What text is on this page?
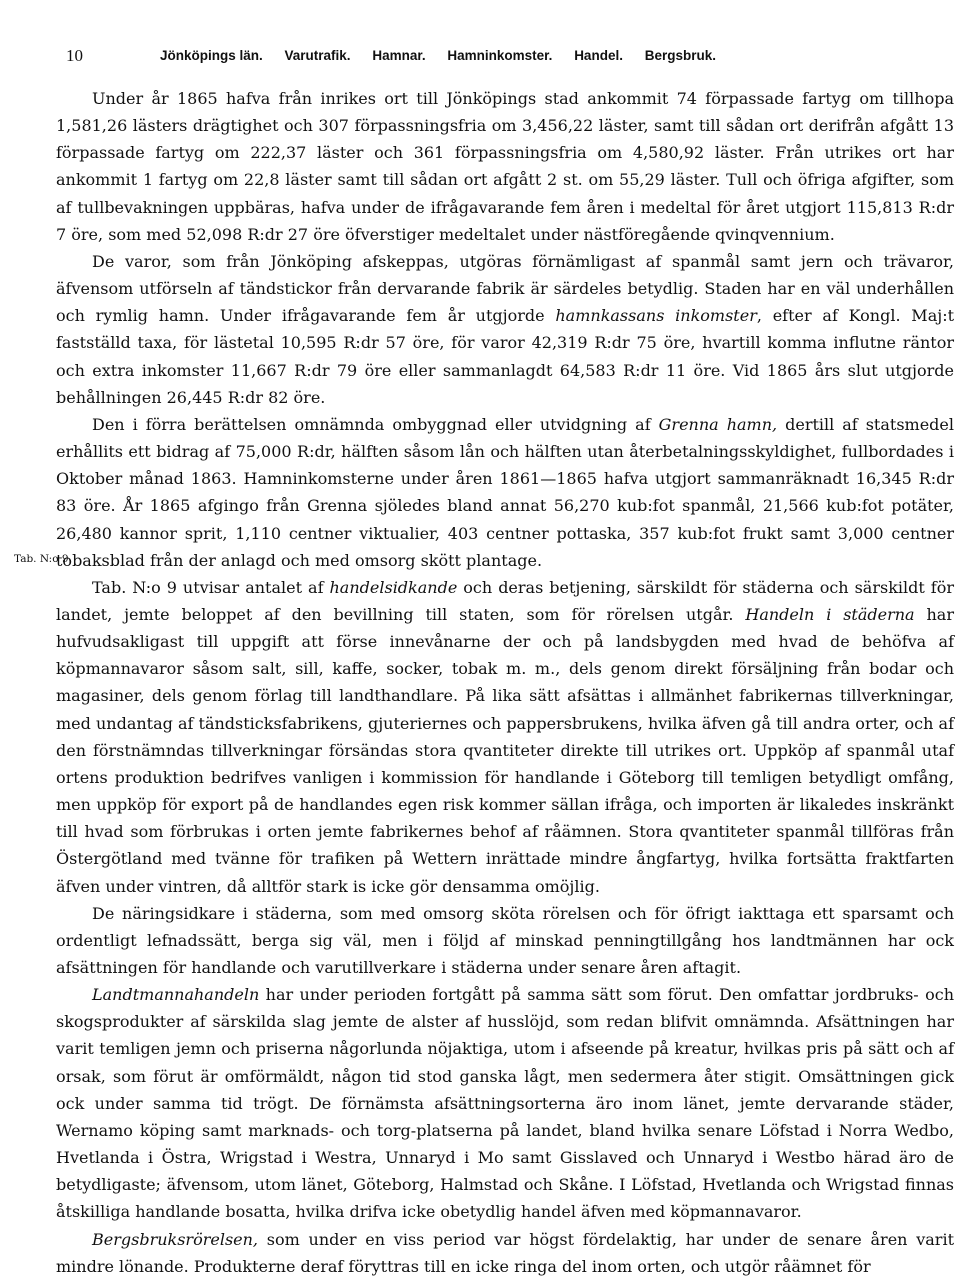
10	Jönköpings län. Varutrafik. Hamnar. Hamninkomster. Handel. Bergsbruk.
Tab. N:o 9.

Under år 1865 hafva från inrikes ort till Jönköpings stad ankommit 74 förpassade fartyg om tillhopa 1,581,26 lästers drägtighet och 307 förpassningsfria om 3,456,22 läster, samt till sådan ort derifrån afgått 13 förpassade fartyg om 222,37 läster och 361 förpassningsfria om 4,580,92 läster. Från utrikes ort har ankommit 1 fartyg om 22,8 läster samt till sådan ort afgått 2 st. om 55,29 läster. Tull och öfriga afgifter, som af tullbevakningen uppbäras, hafva under de ifrågavarande fem åren i medeltal för året utgjort 115,813 R:dr 7 öre, som med 52,098 R:dr 27 öre öfverstiger medeltalet under nästföregående qvinqvennium.

De varor, som från Jönköping afskeppas, utgöras förnämligast af spanmål samt jern och trävaror, äfvensom utförseln af tändstickor från dervarande fabrik är särdeles betydlig. Staden har en väl underhållen och rymlig hamn. Under ifrågavarande fem år utgjorde hamnkassans inkomster, efter af Kongl. Maj:t fastställd taxa, för lästetal 10,595 R:dr 57 öre, för varor 42,319 R:dr 75 öre, hvartill komma influtne räntor och extra inkomster 11,667 R:dr 79 öre eller sammanlagdt 64,583 R:dr 11 öre. Vid 1865 års slut utgjorde behållningen 26,445 R:dr 82 öre.

Den i förra berättelsen omnämnda ombyggnad eller utvidgning af Grenna hamn, dertill af statsmedel erhållits ett bidrag af 75,000 R:dr, hälften såsom lån och hälften utan återbetalningsskyldighet, fullbordades i Oktober månad 1863. Hamninkomsterne under åren 1861—1865 hafva utgjort sammanräknadt 16,345 R:dr 83 öre. År 1865 afgingo från Grenna sjöledes bland annat 56,270 kub:fot spanmål, 21,566 kub:fot potäter, 26,480 kannor sprit, 1,110 centner viktualier, 403 centner pottaska, 357 kub:fot frukt samt 3,000 centner tobaksblad från der anlagd och med omsorg skött plantage.

Tab. N:o 9 utvisar antalet af handelsidkande och deras betjening, särskildt för städerna och särskildt för landet, jemte beloppet af den bevillning till staten, som för rörelsen utgår. Handeln i städerna har hufvudsakligast till uppgift att förse innevånarne der och på landsbygden med hvad de behöfva af köpmannavaror såsom salt, sill, kaffe, socker, tobak m. m., dels genom direkt försäljning från bodar och magasiner, dels genom förlag till landthandlare. På lika sätt afsättas i allmänhet fabrikernas tillverkningar, med undantag af tändsticksfabrikens, gjuteriernes och pappersbrukens, hvilka äfven gå till andra orter, och af den förstnämndas tillverkningar försändas stora qvantiteter direkte till utrikes ort. Uppköp af spanmål utaf ortens produktion bedrifves vanligen i kommission för handlande i Göteborg till temligen betydligt omfång, men uppköp för export på de handlandes egen risk kommer sällan ifråga, och importen är likaledes inskränkt till hvad som förbrukas i orten jemte fabrikernes behof af råämnen. Stora qvantiteter spanmål tillföras från Östergötland med tvänne för trafiken på Wettern inrättade mindre ångfartyg, hvilka fortsätta fraktfarten äfven under vintren, då alltför stark is icke gör densamma omöjlig.

De näringsidkare i städerna, som med omsorg sköta rörelsen och för öfrigt iakttaga ett sparsamt och ordentligt lefnadssätt, berga sig väl, men i följd af minskad penningtillgång hos landtmännen har ock afsättningen för handlande och varutillverkare i städerna under senare åren aftagit.

Landtmannahandeln har under perioden fortgått på samma sätt som förut. Den omfattar jordbruks- och skogsprodukter af särskilda slag jemte de alster af husslöjd, som redan blifvit omnämnda. Afsättningen har varit temligen jemn och priserna någorlunda nöjaktiga, utom i afseende på kreatur, hvilkas pris på sätt och af orsak, som förut är omförmäldt, någon tid stod ganska lågt, men sedermera åter stigit. Omsättningen gick ock under samma tid trögt. De förnämsta afsättningsorterna äro inom länet, jemte dervarande städer, Wernamo köping samt marknads- och torg-platserna på landet, bland hvilka senare Löfstad i Norra Wedbo, Hvetlanda i Östra, Wrigstad i Westra, Unnaryd i Mo samt Gisslaved och Unnaryd i Westbo härad äro de betydligaste; äfvensom, utom länet, Göteborg, Halmstad och Skåne. I Löfstad, Hvetlanda och Wrigstad finnas åtskilliga handlande bosatta, hvilka drifva icke obetydlig handel äfven med köpmannavaror.

Bergsbruksrörelsen, som under en viss period var högst fördelaktig, har under de senare åren varit mindre lönande. Produkterne deraf föryttras till en icke ringa del inom orten, och utgör råämnet för
